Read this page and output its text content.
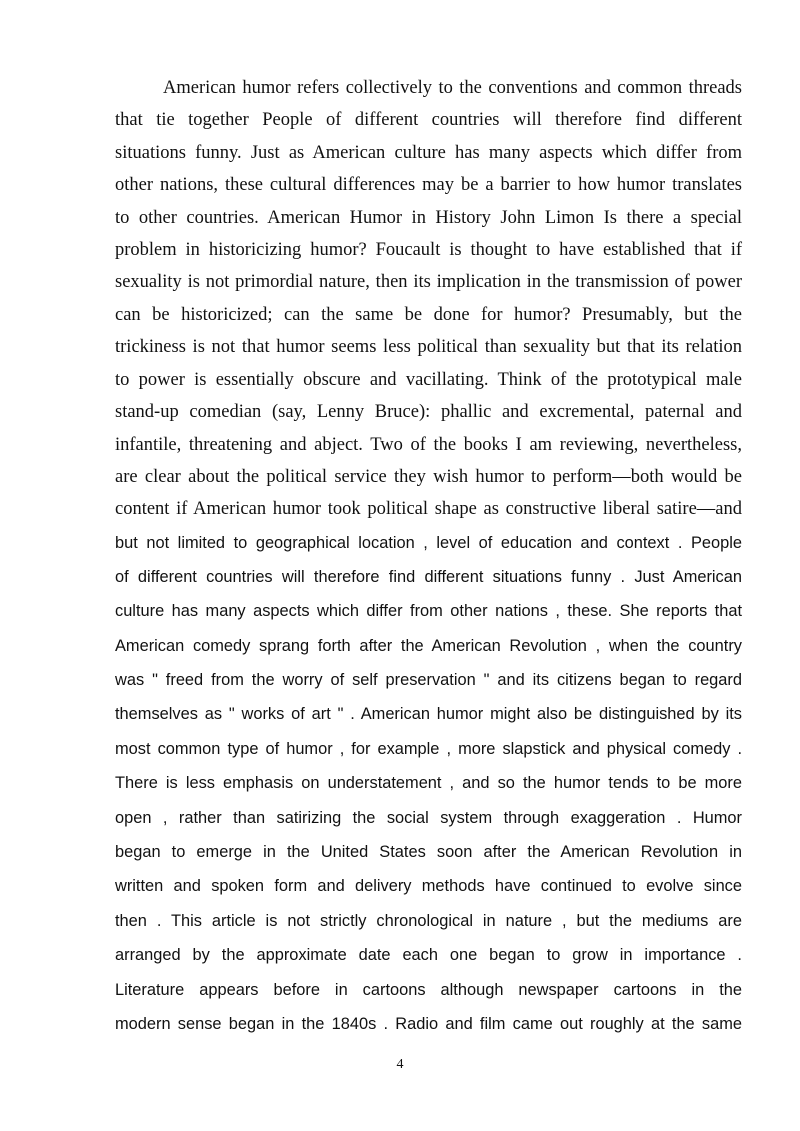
American humor refers collectively to the conventions and common threads
that tie together People of different countries will therefore find different
situations funny. Just as American culture has many aspects which differ from
other nations, these cultural differences may be a barrier to how humor translates
to other countries. American Humor in History John Limon Is there a special
problem in historicizing humor? Foucault is thought to have established that if
sexuality is not primordial nature, then its implication in the transmission of power
can be historicized; can the same be done for humor? Presumably, but the
trickiness is not that humor seems less political than sexuality but that its relation
to power is essentially obscure and vacillating. Think of the prototypical male
stand-up comedian (say, Lenny Bruce): phallic and excremental, paternal and
infantile, threatening and abject. Two of the books I am reviewing, nevertheless,
are clear about the political service they wish humor to perform—both would be
content if American humor took political shape as constructive liberal satire—and
but not limited to geographical location , level of education and context . People
of different countries will therefore find different situations funny . Just American
culture has many aspects which differ from other nations , these. She reports that
American comedy sprang forth after the American Revolution , when the country
was " freed from the worry of self preservation " and its citizens began to regard
themselves as " works of art " . American humor might also be distinguished by its
most common type of humor , for example , more slapstick and physical comedy .
There is less emphasis on understatement , and so the humor tends to be more
open , rather than satirizing the social system through exaggeration . Humor
began to emerge in the United States soon after the American Revolution in
written and spoken form and delivery methods have continued to evolve since
then . This article is not strictly chronological in nature , but the mediums are
arranged by the approximate date each one began to grow in importance .
Literature appears before in cartoons although newspaper cartoons in the
modern sense began in the 1840s . Radio and film came out roughly at the same
4
